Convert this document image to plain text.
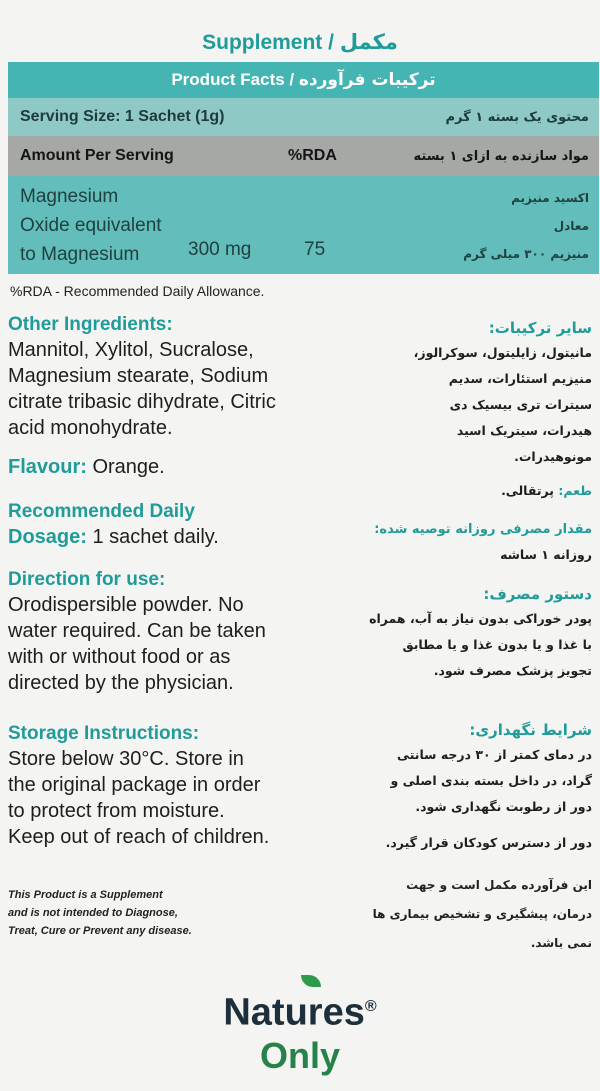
Supplement / مکمل
Product Facts / ترکیبات فرآورده
Serving Size: 1 Sachet (1g)	محتوی یک بسته ۱ گرم
Amount Per Serving	%RDA	مواد سازنده به ازای ۱ بسته
Magnesium
Oxide equivalent
to Magnesium	300 mg	75
اکسید منیزیم
معادل
منیزیم ۳۰۰ میلی گرم
%RDA - Recommended Daily Allowance.
Other Ingredients:
Mannitol, Xylitol, Sucralose,
Magnesium stearate, Sodium
citrate tribasic dihydrate, Citric
acid monohydrate.
سایر ترکیبات:
مانیتول، زایلیتول، سوکرالوز،
منیزیم استئارات، سدیم
سیترات تری بیسیک دی
هیدرات، سیتریک اسید
مونوهیدرات.
Flavour: Orange.
طعم: پرتقالی.
Recommended Daily
Dosage: 1 sachet daily.	مقدار مصرفی روزانه توصیه شده:
روزانه ۱ ساشه
Direction for use:
Orodispersible powder. No
water required. Can be taken
with or without food or as
directed by the physician.
دستور مصرف:
پودر خوراکی بدون نیاز به آب، همراه
با غذا و یا بدون غذا و یا مطابق
تجویز پزشک مصرف شود.
Storage Instructions:
Store below 30°C. Store in
the original package in order
to protect from moisture.
Keep out of reach of children.
شرایط نگهداری:
در دمای کمتر از ۳۰ درجه سانتی
گراد، در داخل بسته بندی اصلی و
دور از رطوبت نگهداری شود.
دور از دسترس کودکان قرار گیرد.
This Product is a Supplement
and is not intended to Diagnose,
Treat, Cure or Prevent any disease.
این فرآورده مکمل است و جهت
درمان، پیشگیری و تشخیص بیماری ها
نمی باشد.
Natures®
Only
